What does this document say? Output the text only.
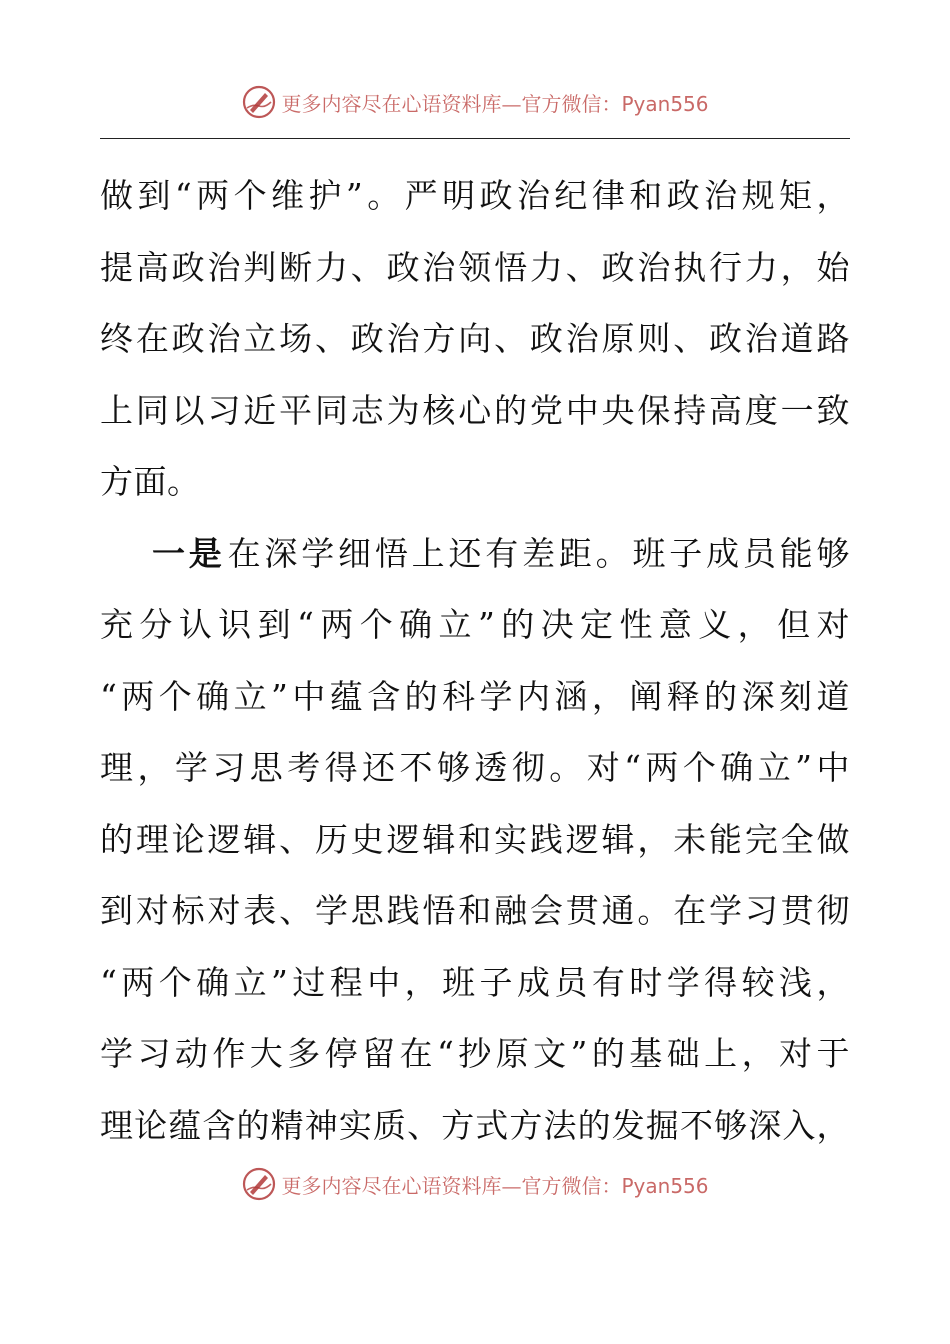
更多内容尽在心语资料库—官方微信：Pyan556
做到“两个维护”。严明政治纪律和政治规矩，
提高政治判断力、政治领悟力、政治执行力，始
终在政治立场、政治方向、政治原则、政治道路
上同以习近平同志为核心的党中央保持高度一致
方面。
一是在深学细悟上还有差距。班子成员能够
充分认识到“两个确立”的决定性意义，但对
“两个确立”中蕴含的科学内涵，阐释的深刻道
理，学习思考得还不够透彻。对“两个确立”中
的理论逻辑、历史逻辑和实践逻辑，未能完全做
到对标对表、学思践悟和融会贯通。在学习贯彻
“两个确立”过程中，班子成员有时学得较浅，
学习动作大多停留在“抄原文”的基础上，对于
理论蕴含的精神实质、方式方法的发掘不够深入，
更多内容尽在心语资料库—官方微信：Pyan556
